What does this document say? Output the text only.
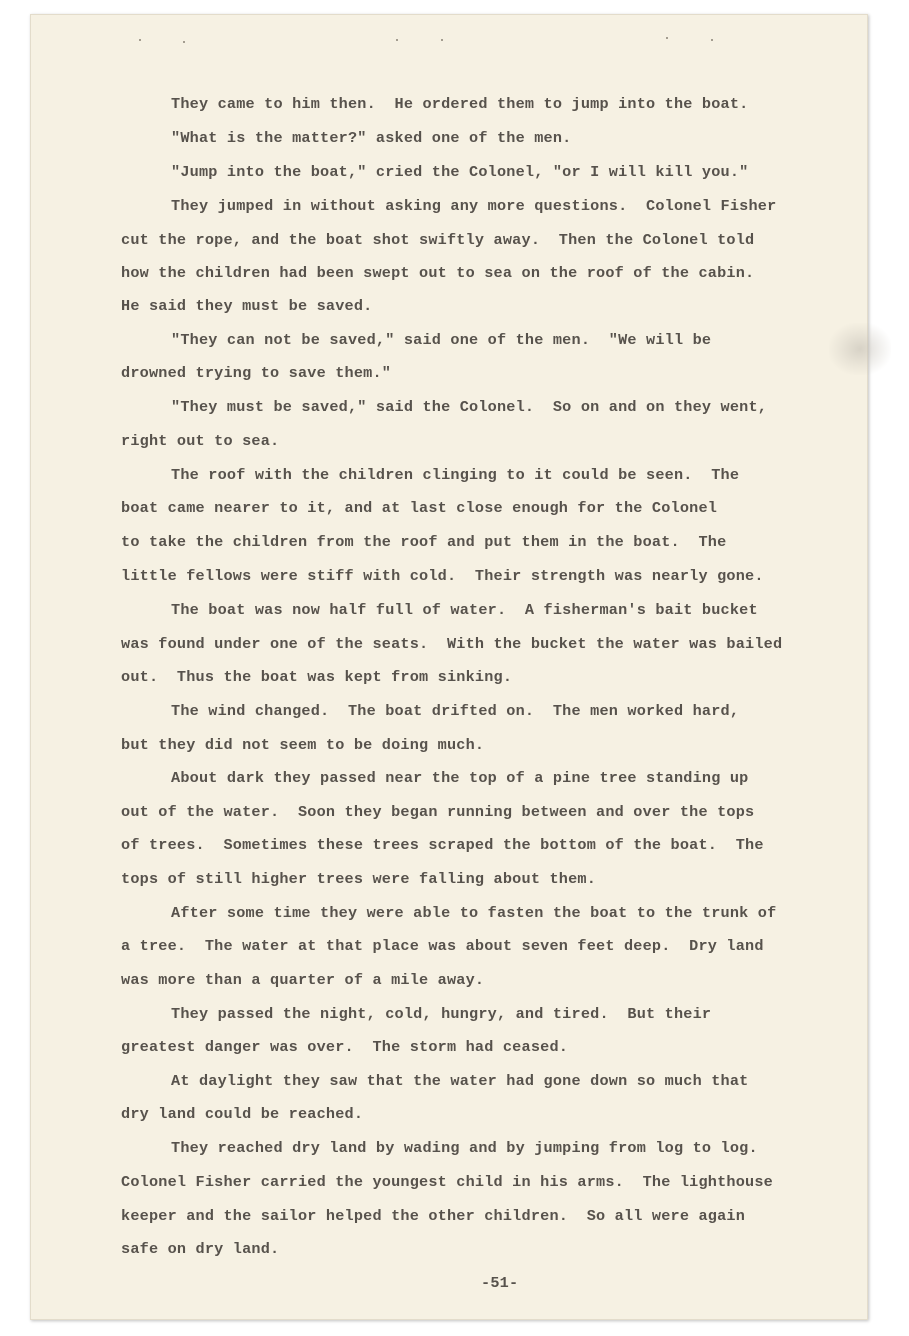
They came to him then.  He ordered them to jump into the boat.
"What is the matter?" asked one of the men.
"Jump into the boat," cried the Colonel, "or I will kill you."
They jumped in without asking any more questions.  Colonel Fisher
cut the rope, and the boat shot swiftly away.  Then the Colonel told
how the children had been swept out to sea on the roof of the cabin.
He said they must be saved.
"They can not be saved," said one of the men.  "We will be
drowned trying to save them."
"They must be saved," said the Colonel.  So on and on they went,
right out to sea.
The roof with the children clinging to it could be seen.  The
boat came nearer to it, and at last close enough for the Colonel
to take the children from the roof and put them in the boat.  The
little fellows were stiff with cold.  Their strength was nearly gone.
The boat was now half full of water.  A fisherman's bait bucket
was found under one of the seats.  With the bucket the water was bailed
out.  Thus the boat was kept from sinking.
The wind changed.  The boat drifted on.  The men worked hard,
but they did not seem to be doing much.
About dark they passed near the top of a pine tree standing up
out of the water.  Soon they began running between and over the tops
of trees.  Sometimes these trees scraped the bottom of the boat.  The
tops of still higher trees were falling about them.
After some time they were able to fasten the boat to the trunk of
a tree.  The water at that place was about seven feet deep.  Dry land
was more than a quarter of a mile away.
They passed the night, cold, hungry, and tired.  But their
greatest danger was over.  The storm had ceased.
At daylight they saw that the water had gone down so much that
dry land could be reached.
They reached dry land by wading and by jumping from log to log.
Colonel Fisher carried the youngest child in his arms.  The lighthouse
keeper and the sailor helped the other children.  So all were again
safe on dry land.
-51-
